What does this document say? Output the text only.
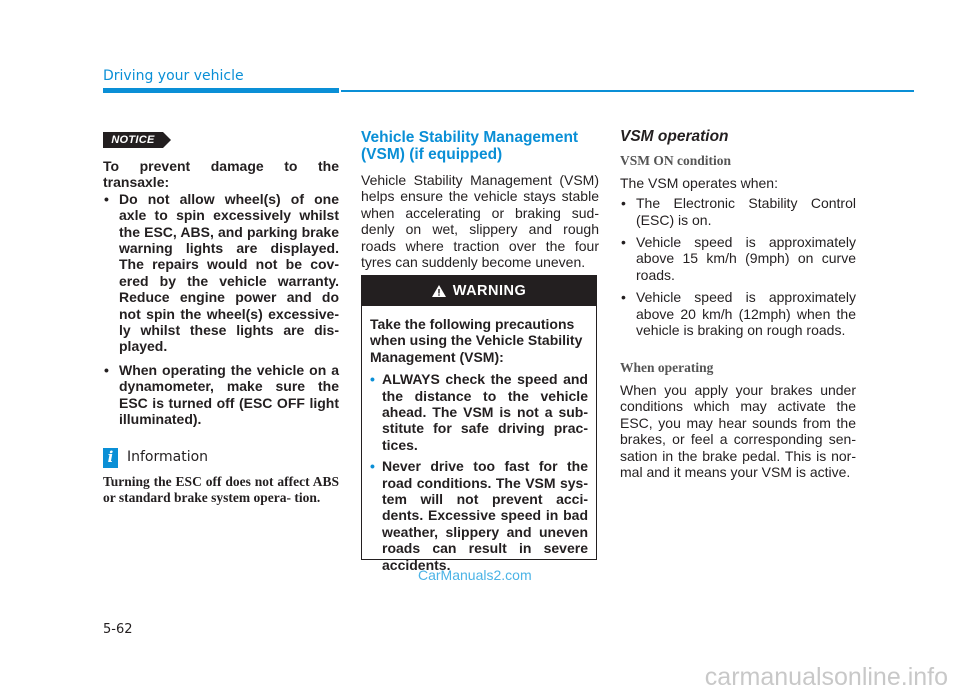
Driving your vehicle
NOTICE

To prevent damage to the transaxle:

• Do not allow wheel(s) of one axle to spin excessively whilst the ESC, ABS, and parking brake warning lights are displayed. The repairs would not be cov- ered by the vehicle warranty. Reduce engine power and do not spin the wheel(s) excessive- ly whilst these lights are dis- played.
• When operating the vehicle on a dynamometer, make sure the ESC is turned off (ESC OFF light illuminated).
i Information

Turning the ESC off does not affect ABS or standard brake system opera- tion.

Vehicle Stability Management (VSM) (if equipped)

Vehicle Stability Management (VSM) helps ensure the vehicle stays stable when accelerating or braking sud- denly on wet, slippery and rough roads where traction over the four tyres can suddenly become uneven.

WARNING

Take the following precautions when using the Vehicle Stability Management (VSM):

• ALWAYS check the speed and the distance to the vehicle ahead. The VSM is not a sub- stitute for safe driving prac- tices.
• Never drive too fast for the road conditions. The VSM sys- tem will not prevent acci- dents. Excessive speed in bad weather, slippery and uneven roads can result in severe accidents.
VSM operation
VSM ON condition

The VSM operates when:

• The Electronic Stability Control (ESC) is on.
• Vehicle speed is approximately above 15 km/h (9mph) on curve roads.
• Vehicle speed is approximately above 20 km/h (12mph) when the vehicle is braking on rough roads.
When operating

When you apply your brakes under conditions which may activate the ESC, you may hear sounds from the brakes, or feel a corresponding sen- sation in the brake pedal. This is nor- mal and it means your VSM is active.

CarManuals2.com
5-62
carmanualsonline.info
